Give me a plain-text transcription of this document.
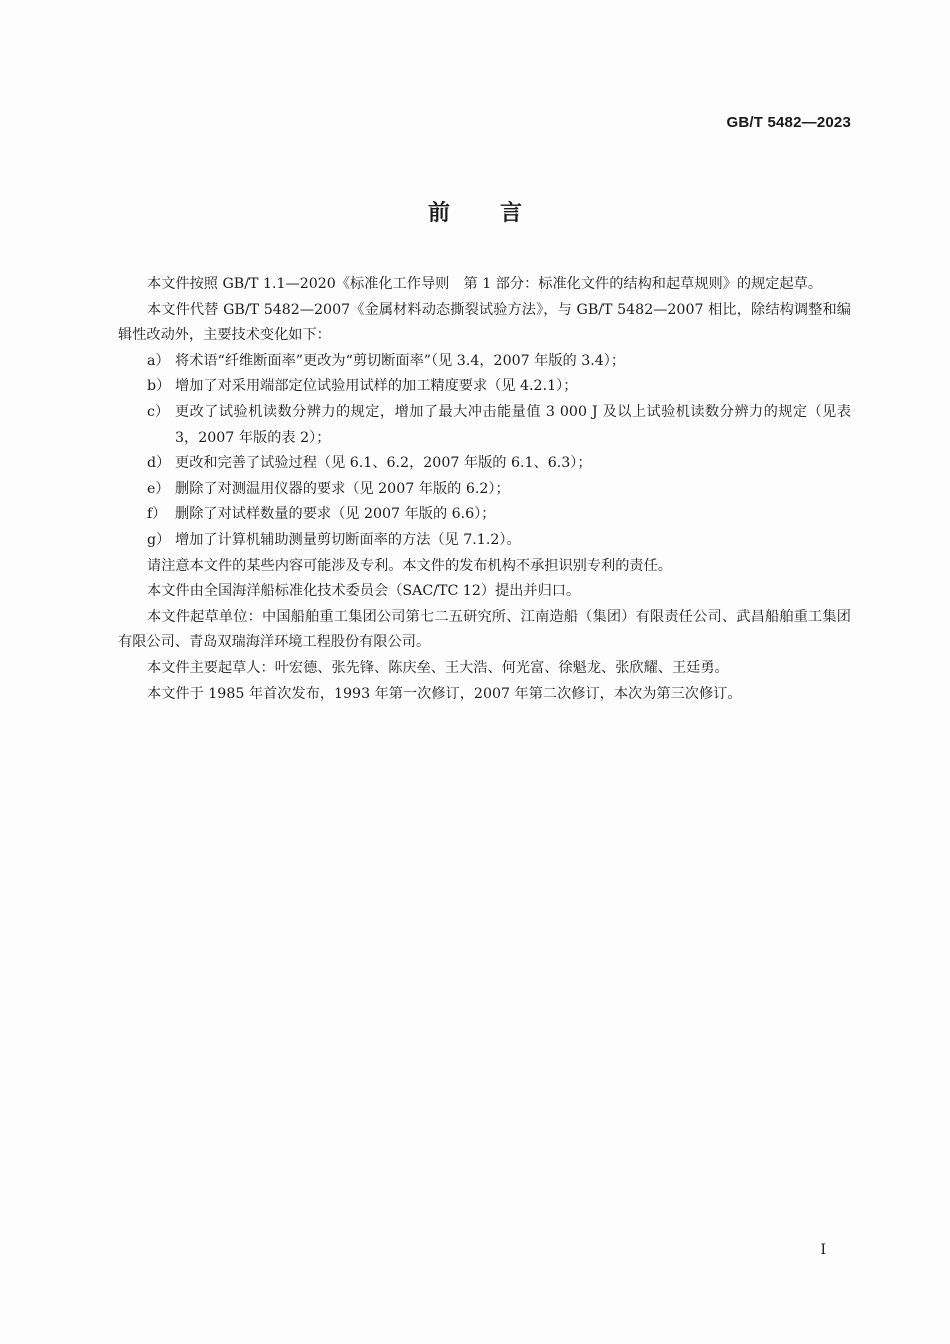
GB/T 5482—2023
前言

本文件按照 GB/T 1.1—2020《标准化工作导则　第 1 部分：标准化文件的结构和起草规则》的规定起草。

本文件代替 GB/T 5482—2007《金属材料动态撕裂试验方法》，与 GB/T 5482—2007 相比，除结构调整和编辑性改动外，主要技术变化如下：

a） 将术语“纤维断面率”更改为“剪切断面率”（见 3.4，2007 年版的 3.4）；
b） 增加了对采用端部定位试验用试样的加工精度要求（见 4.2.1）；
c） 更改了试验机读数分辨力的规定，增加了最大冲击能量值 3 000 J 及以上试验机读数分辨力的规定（见表 3，2007 年版的表 2）；
d） 更改和完善了试验过程（见 6.1、6.2，2007 年版的 6.1、6.3）；
e） 删除了对测温用仪器的要求（见 2007 年版的 6.2）；
f） 删除了对试样数量的要求（见 2007 年版的 6.6）；
g） 增加了计算机辅助测量剪切断面率的方法（见 7.1.2）。

请注意本文件的某些内容可能涉及专利。本文件的发布机构不承担识别专利的责任。

本文件由全国海洋船标准化技术委员会（SAC/TC 12）提出并归口。

本文件起草单位：中国船舶重工集团公司第七二五研究所、江南造船（集团）有限责任公司、武昌船舶重工集团有限公司、青岛双瑞海洋环境工程股份有限公司。

本文件主要起草人：叶宏德、张先锋、陈庆垒、王大浩、何光富、徐魁龙、张欣耀、王廷勇。

本文件于 1985 年首次发布，1993 年第一次修订，2007 年第二次修订，本次为第三次修订。

I
